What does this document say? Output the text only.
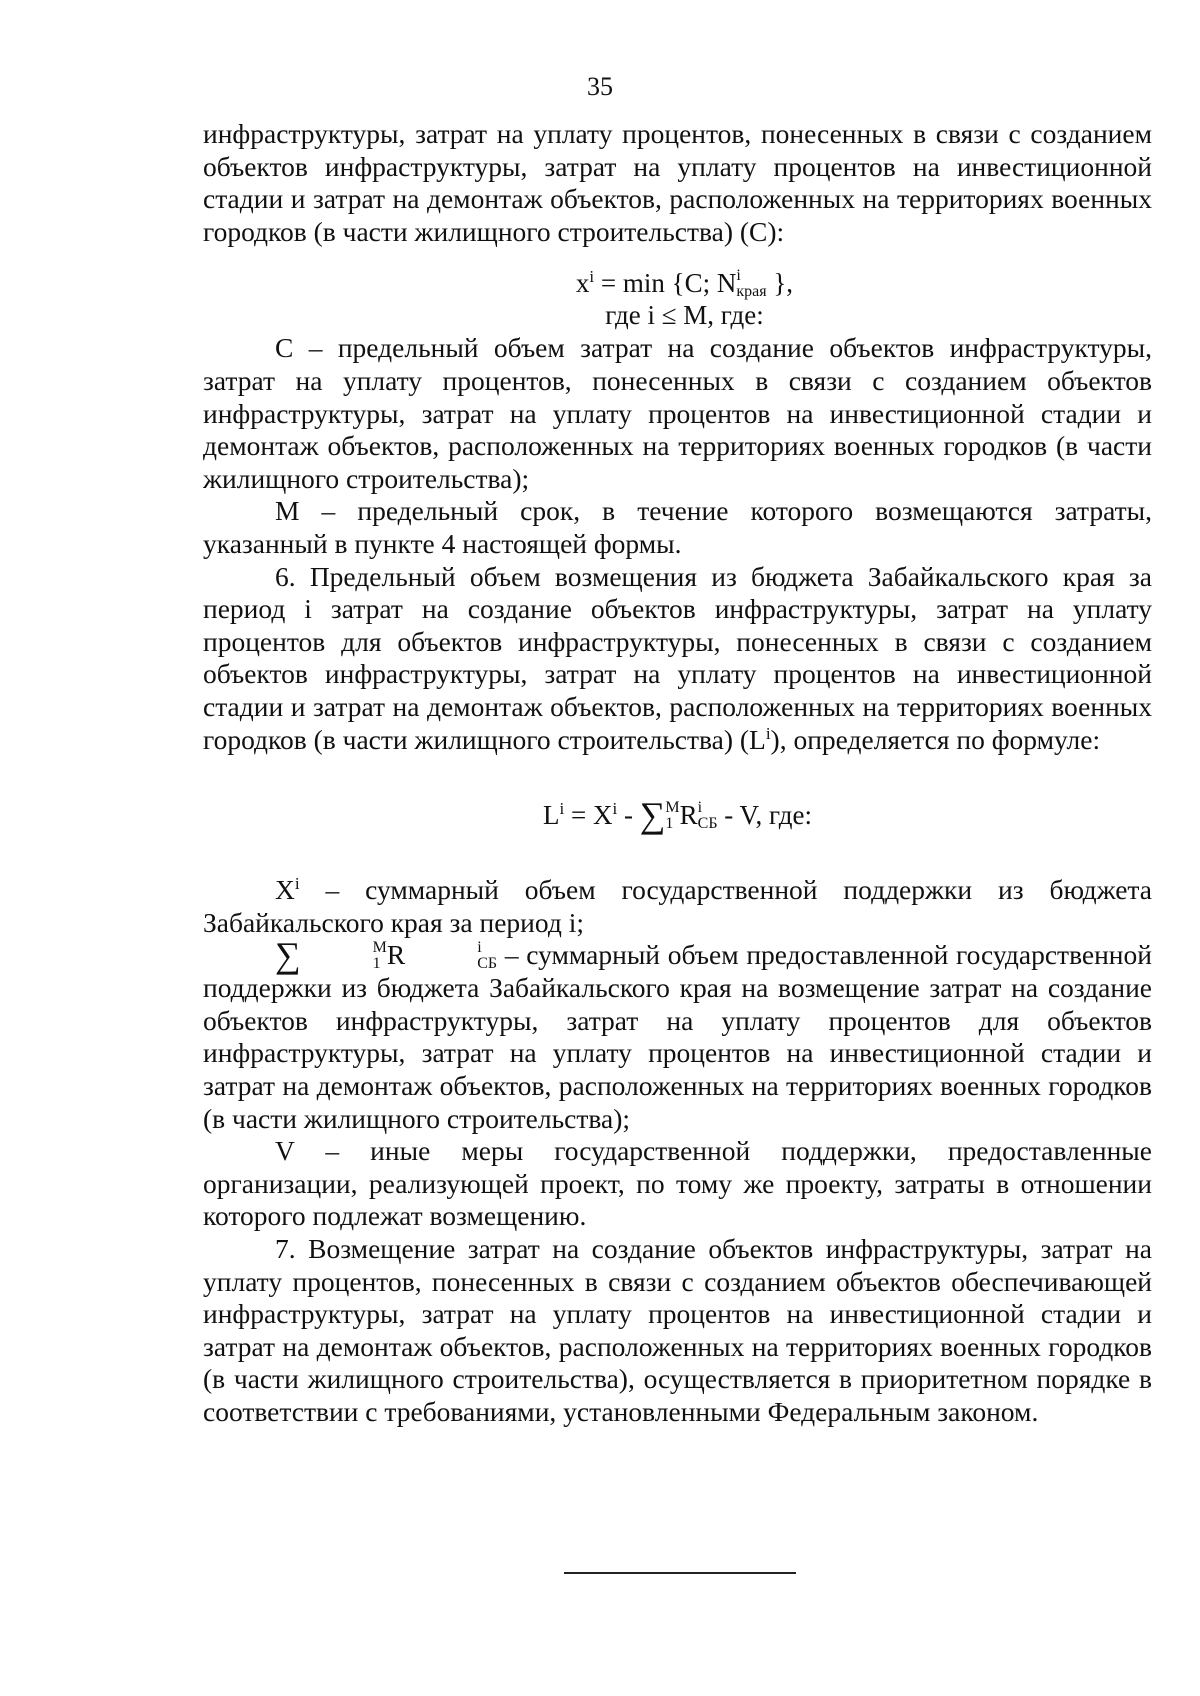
35

инфраструктуры, затрат на уплату процентов, понесенных в связи с созданием объектов инфраструктуры, затрат на уплату процентов на инвестиционной стадии и затрат на демонтаж объектов, расположенных на территориях военных городков (в части жилищного строительства) (С):

$x^i = \min \{C$; N i
края },
где i ≤ M, где:

С – предельный объем затрат на создание объектов инфраструктуры, затрат на уплату процентов, понесенных в связи с созданием объектов инфраструктуры, затрат на уплату процентов на инвестиционной стадии и демонтаж объектов, расположенных на территориях военных городков (в части жилищного строительства);

М – предельный срок, в течение которого возмещаются затраты, указанный в пункте 4 настоящей формы.

6. Предельный объем возмещения из бюджета Забайкальского края за период i затрат на создание объектов инфраструктуры, затрат на уплату процентов для объектов инфраструктуры, понесенных в связи с созданием объектов инфраструктуры, затрат на уплату процентов на инвестиционной стадии и затрат на демонтаж объектов, расположенных на территориях военных городков (в части жилищного строительства) $(L^i)$, определяется по формуле:

$L^i = X^i$ - ∑ M
1 R i
СБ - V, где:

$X^i$ – суммарный объем государственной поддержки из бюджета Забайкальского края за период i;

∑	M
1 R	i
СБ – суммарный объем предоставленной государственной поддержки из бюджета Забайкальского края на возмещение затрат на создание объектов инфраструктуры, затрат на уплату процентов для объектов инфраструктуры, затрат на уплату процентов на инвестиционной стадии и затрат на демонтаж объектов, расположенных на территориях военных городков (в части жилищного строительства);

V – иные меры государственной поддержки, предоставленные организации, реализующей проект, по тому же проекту, затраты в отношении которого подлежат возмещению.

7. Возмещение затрат на создание объектов инфраструктуры, затрат на уплату процентов, понесенных в связи с созданием объектов обеспечивающей инфраструктуры, затрат на уплату процентов на инвестиционной стадии и затрат на демонтаж объектов, расположенных на территориях военных городков (в части жилищного строительства), осуществляется в приоритетном порядке в соответствии с требованиями, установленными Федеральным законом.
